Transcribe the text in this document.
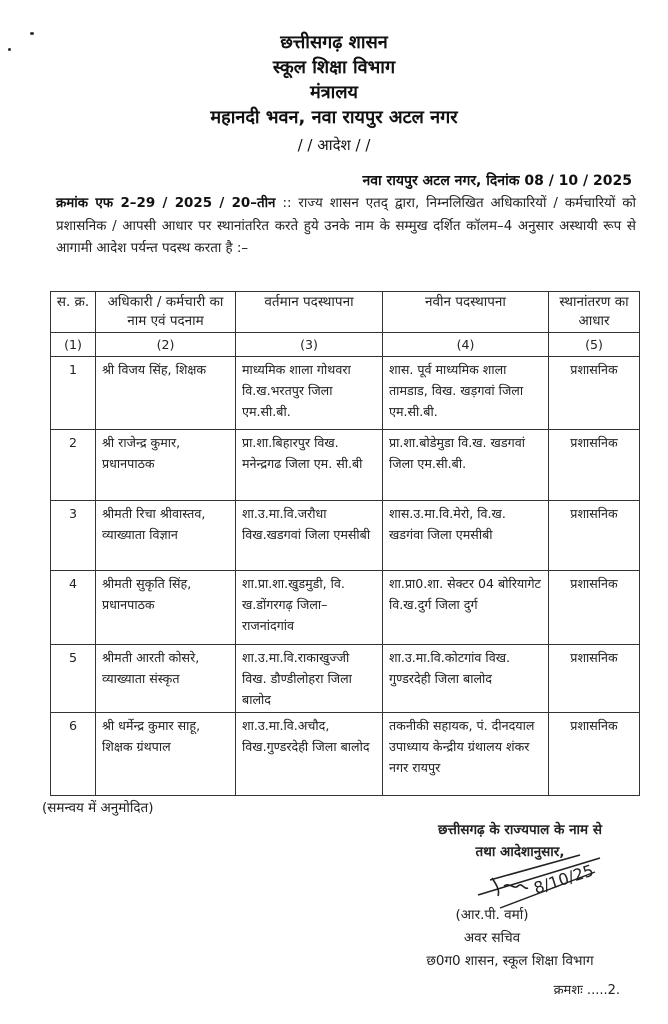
छत्तीसगढ़ शासन
स्कूल शिक्षा विभाग
मंत्रालय
महानदी भवन, नवा रायपुर अटल नगर
/ / आदेश / /
नवा रायपुर अटल नगर, दिनांक 08 / 10 / 2025
क्रमांक एफ 2–29 / 2025 / 20–तीन :: राज्य शासन एतद् द्वारा, निम्नलिखित अधिकारियों / कर्मचारियों को प्रशासनिक / आपसी आधार पर स्थानांतरित करते हुये उनके नाम के सम्मुख दर्शित कॉलम–4 अनुसार अस्थायी रूप से आगामी आदेश पर्यन्त पदस्थ करता है :–
स. क्र.	अधिकारी / कर्मचारी का नाम एवं पदनाम	वर्तमान पदस्थापना	नवीन पदस्थापना	स्थानांतरण का आधार
(1)	(2)	(3)	(4)	(5)
1	श्री विजय सिंह, शिक्षक	माध्यमिक शाला गोथवरा वि.ख.भरतपुर जिला एम.सी.बी.	शास. पूर्व माध्यमिक शाला तामडाड, विख. खड़गवां जिला एम.सी.बी.	प्रशासनिक
2	श्री राजेन्द्र कुमार, प्रधानपाठक	प्रा.शा.बिहारपुर विख. मनेन्द्रगढ जिला एम. सी.बी	प्रा.शा.बोडेमुडा वि.ख. खडगवां जिला एम.सी.बी.	प्रशासनिक
3	श्रीमती रिचा श्रीवास्तव, व्याख्याता विज्ञान	शा.उ.मा.वि.जरौधा विख.खडगवां जिला एमसीबी	शास.उ.मा.वि.मेरो, वि.ख. खडगंवा जिला एमसीबी	प्रशासनिक
4	श्रीमती सुकृति सिंह, प्रधानपाठक	शा.प्रा.शा.खुडमुडी, वि. ख.डोंगरगढ़ जिला–राजनांदगांव	शा.प्रा0.शा. सेक्टर 04 बोरियागेट वि.ख.दुर्ग जिला दुर्ग	प्रशासनिक
5	श्रीमती आरती कोसरे, व्याख्याता संस्कृत	शा.उ.मा.वि.राकाखुज्जी विख. डौण्डीलोहरा जिला बालोद	शा.उ.मा.वि.कोटगांव विख. गुण्डरदेही जिला बालोद	प्रशासनिक
6	श्री धर्मेन्द्र कुमार साहू, शिक्षक ग्रंथपाल	शा.उ.मा.वि.अचौद, विख.गुण्डरदेही जिला बालोद	तकनीकी सहायक, पं. दीनदयाल उपाध्याय केन्द्रीय ग्रंथालय शंकर नगर रायपुर	प्रशासनिक
(समन्वय में अनुमोदित)
छत्तीसगढ़ के राज्यपाल के नाम से
तथा आदेशानुसार,
8/10/25
(आर.पी. वर्मा)
अवर सचिव
छ0ग0 शासन, स्कूल शिक्षा विभाग
क्रमशः .....2.
